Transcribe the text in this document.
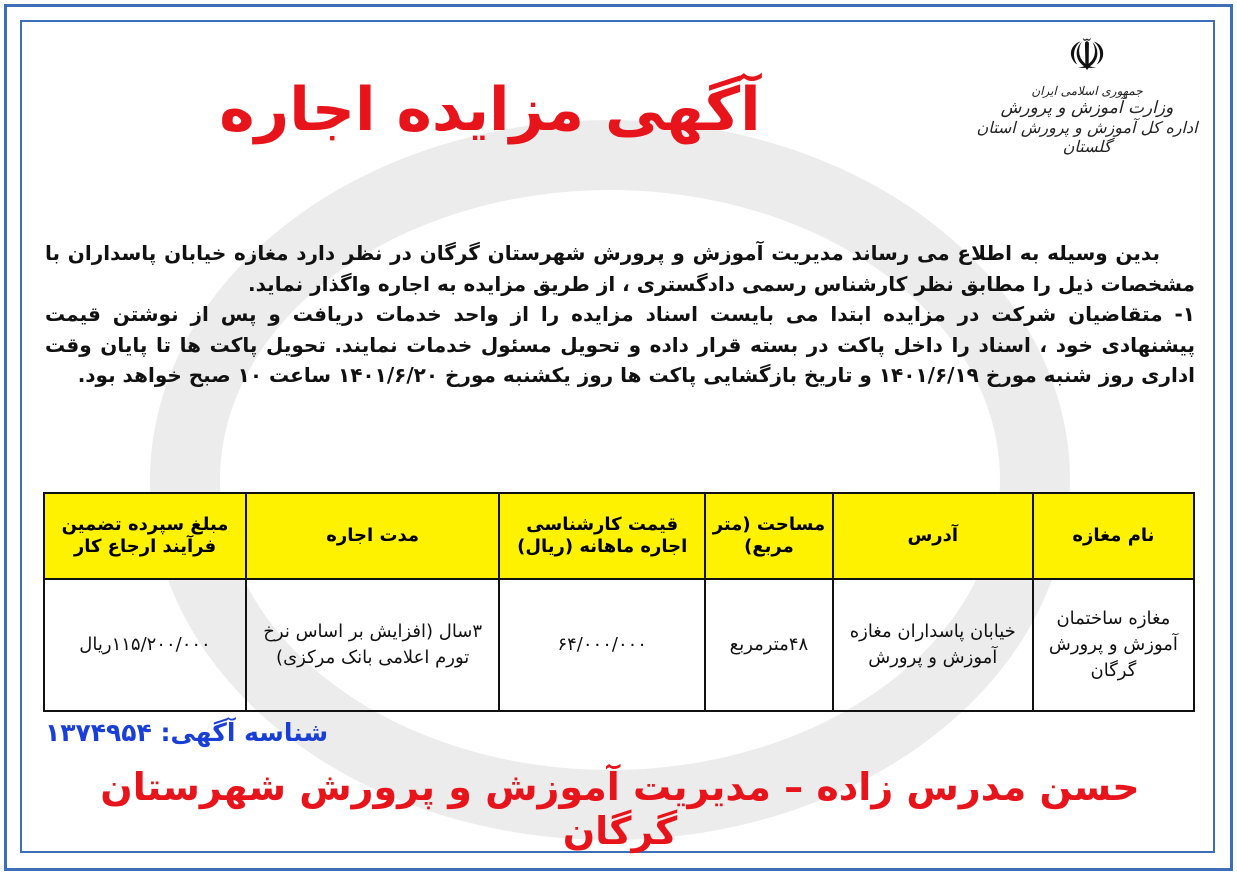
آگهی مزایده اجاره
☫
جمهوری اسلامی ایران
وزارت آموزش و پرورش
اداره کل آموزش و پرورش استان گلستان

بدین وسیله به اطلاع می رساند مدیریت آموزش و پرورش شهرستان گرگان در نظر دارد مغازه خیابان پاسداران با مشخصات ذیل را مطابق نظر کارشناس رسمی دادگستری ، از طریق مزایده به اجاره واگذار نماید.

۱- متقاضیان شرکت در مزایده ابتدا می بایست اسناد مزایده را از واحد خدمات دریافت و پس از نوشتن قیمت پیشنهادی خود ، اسناد را داخل پاکت در بسته قرار داده و تحویل مسئول خدمات نمایند. تحویل پاکت ها تا پایان وقت اداری روز شنبه مورخ ۱۴۰۱/۶/۱۹ و تاریخ بازگشایی پاکت ها روز یکشنبه مورخ ۱۴۰۱/۶/۲۰ ساعت ۱۰ صبح خواهد بود.

نام مغازه	آدرس	مساحت (متر مربع)	قیمت کارشناسی اجاره ماهانه (ریال)	مدت اجاره	مبلغ سپرده تضمین فرآیند ارجاع کار
مغازه ساختمان آموزش و پرورش گرگان	خیابان پاسداران مغازه آموزش و پرورش	۴۸مترمربع	۶۴/۰۰۰/۰۰۰	۳سال (افزایش بر اساس نرخ تورم اعلامی بانک مرکزی)	۱۱۵/۲۰۰/۰۰۰ریال
شناسه آگهی: ۱۳۷۴۹۵۴
حسن مدرس زاده – مدیریت آموزش و پرورش شهرستان گرگان
